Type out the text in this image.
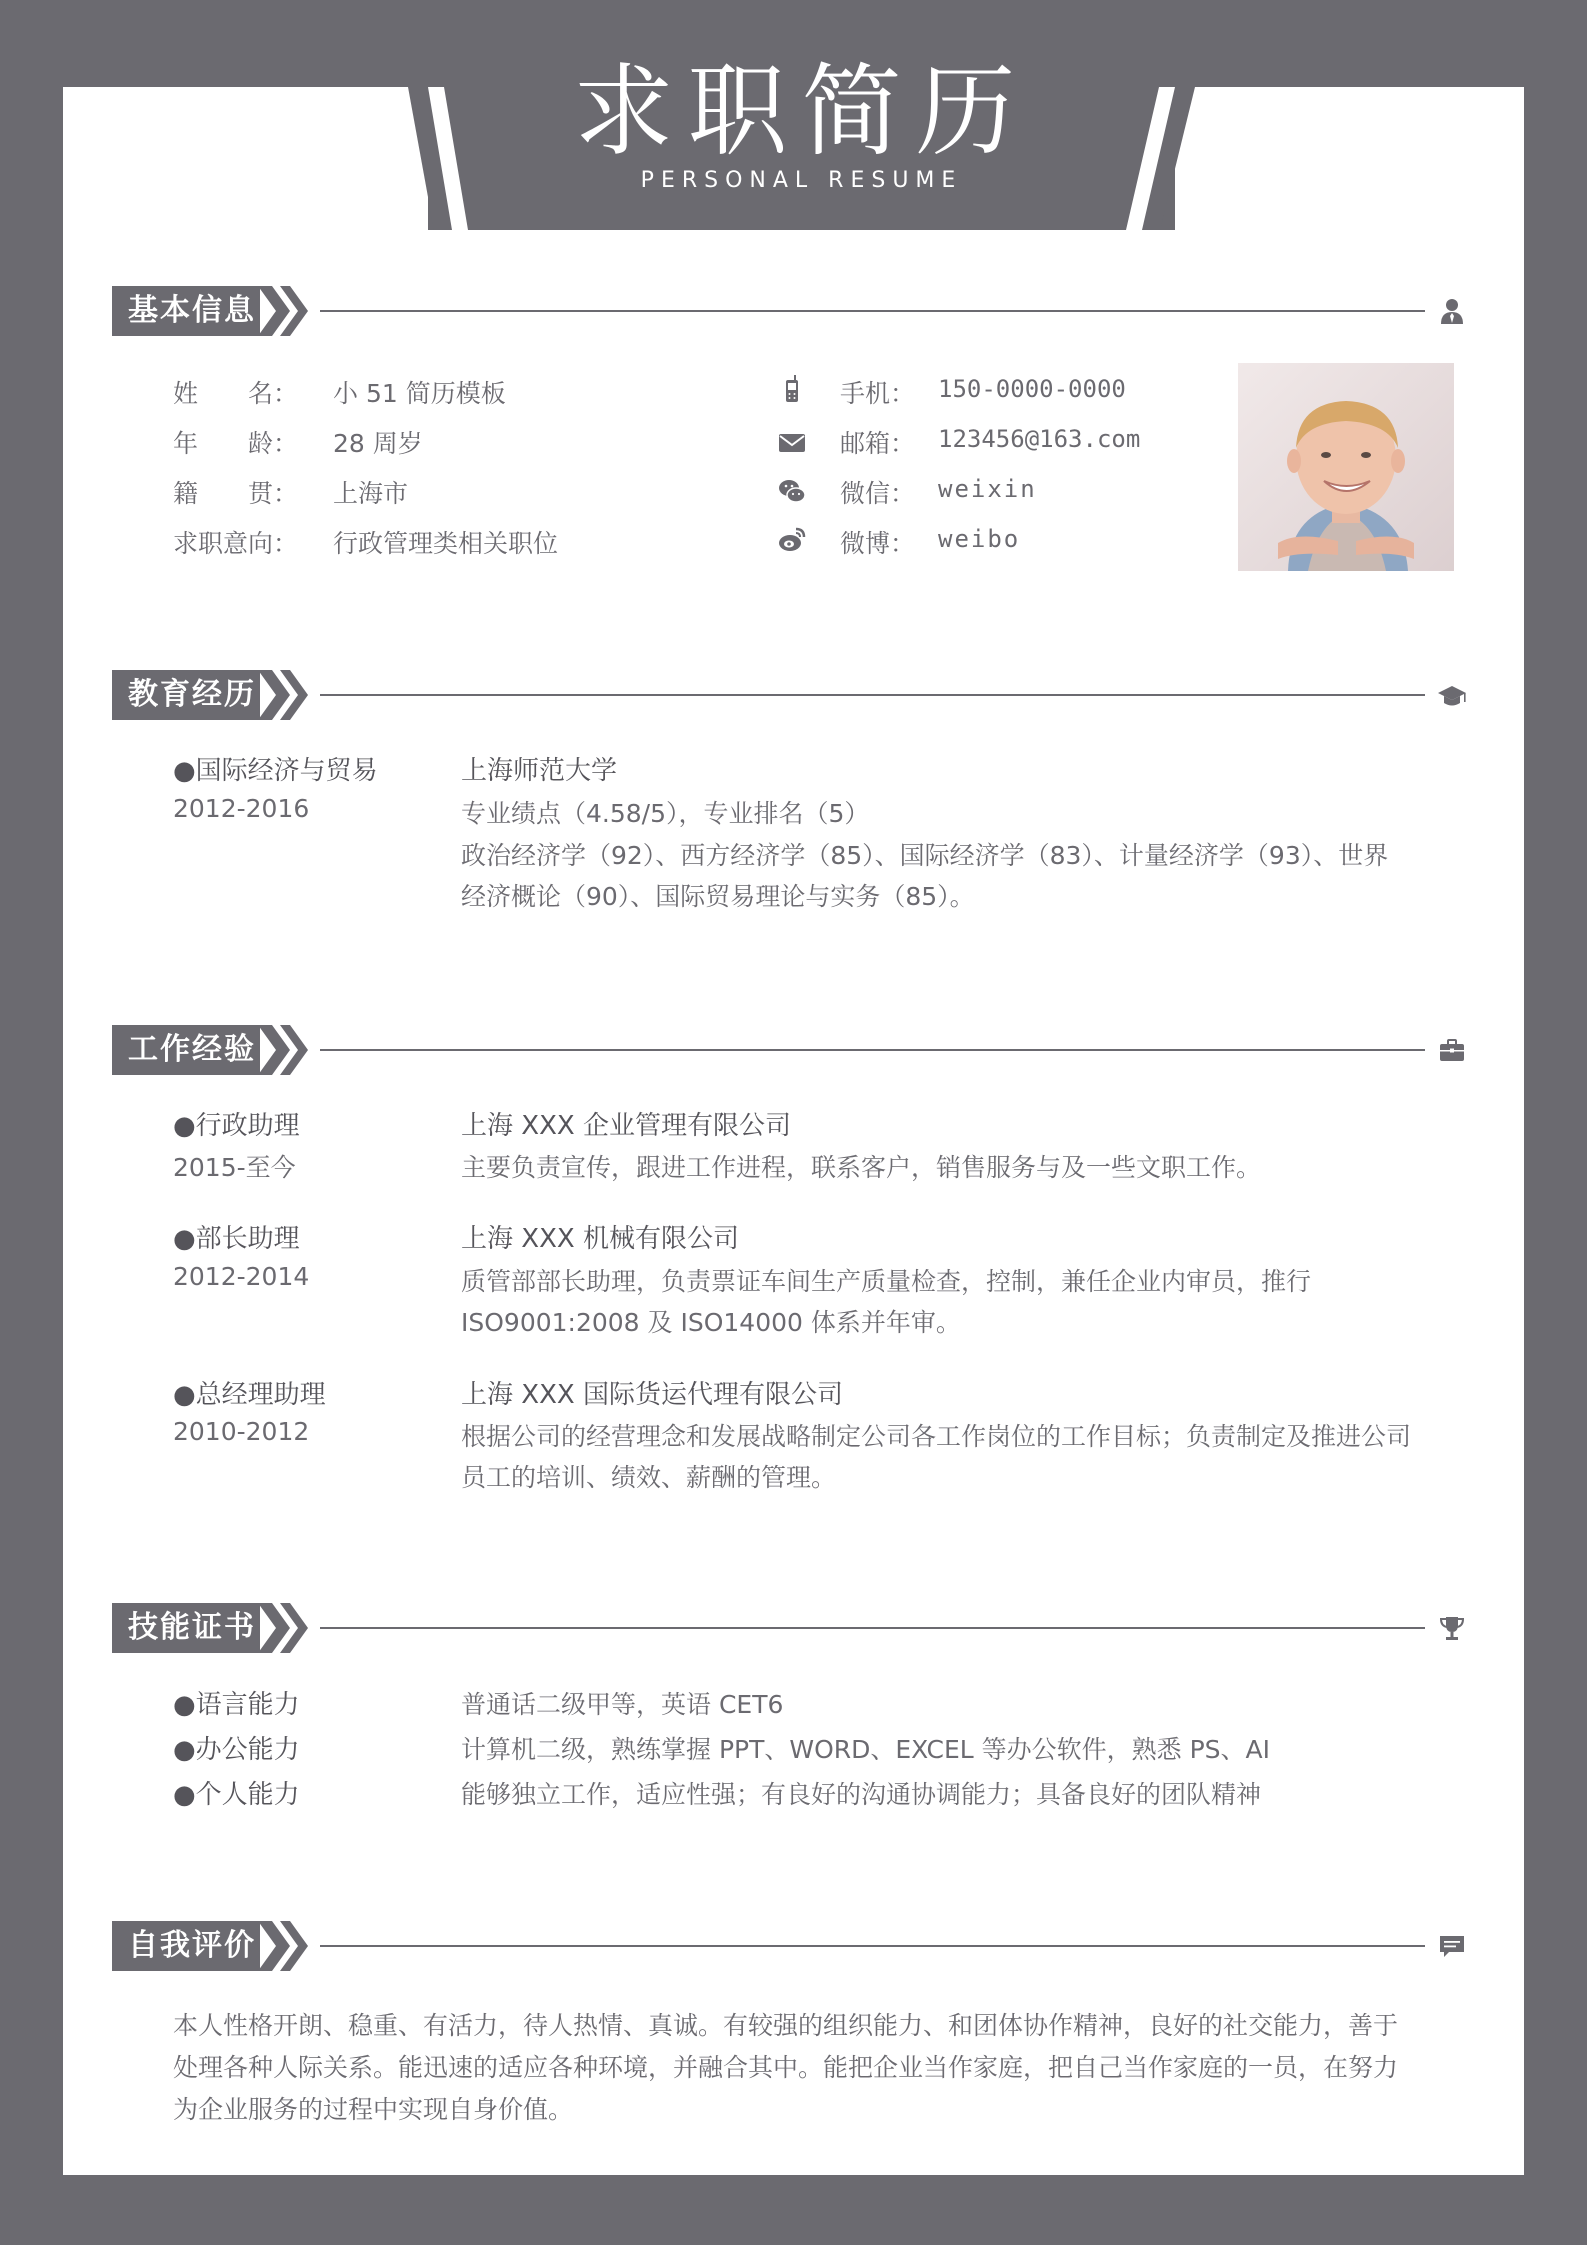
求职简历
PERSONAL RESUME
基本信息
姓　　名： 小 51 简历模板
年　　龄： 28 周岁
籍　　贯： 上海市
求职意向： 行政管理类相关职位
手机： 150-0000-0000
邮箱： 123456@163.com
微信： weixin
微博： weibo
教育经历
●国际经济与贸易
2012-2016
上海师范大学
专业绩点（4.58/5），专业排名（5）
政治经济学（92）、西方经济学（85）、国际经济学（83）、计量经济学（93）、世界
经济概论（90）、国际贸易理论与实务（85）。
工作经验
●行政助理
2015-至今
上海 XXX 企业管理有限公司
主要负责宣传，跟进工作进程，联系客户，销售服务与及一些文职工作。
●部长助理
2012-2014
上海 XXX 机械有限公司
质管部部长助理，负责票证车间生产质量检查，控制，兼任企业内审员，推行
ISO9001:2008 及 ISO14000 体系并年审。
●总经理助理
2010-2012
上海 XXX 国际货运代理有限公司
根据公司的经营理念和发展战略制定公司各工作岗位的工作目标；负责制定及推进公司
员工的培训、绩效、薪酬的管理。
技能证书
●语言能力	普通话二级甲等，英语 CET6
●办公能力	计算机二级，熟练掌握 PPT、WORD、EXCEL 等办公软件，熟悉 PS、AI
●个人能力	能够独立工作，适应性强；有良好的沟通协调能力；具备良好的团队精神
自我评价
本人性格开朗、稳重、有活力，待人热情、真诚。有较强的组织能力、和团体协作精神，良好的社交能力，善于
处理各种人际关系。能迅速的适应各种环境，并融合其中。能把企业当作家庭，把自己当作家庭的一员，在努力
为企业服务的过程中实现自身价值。
